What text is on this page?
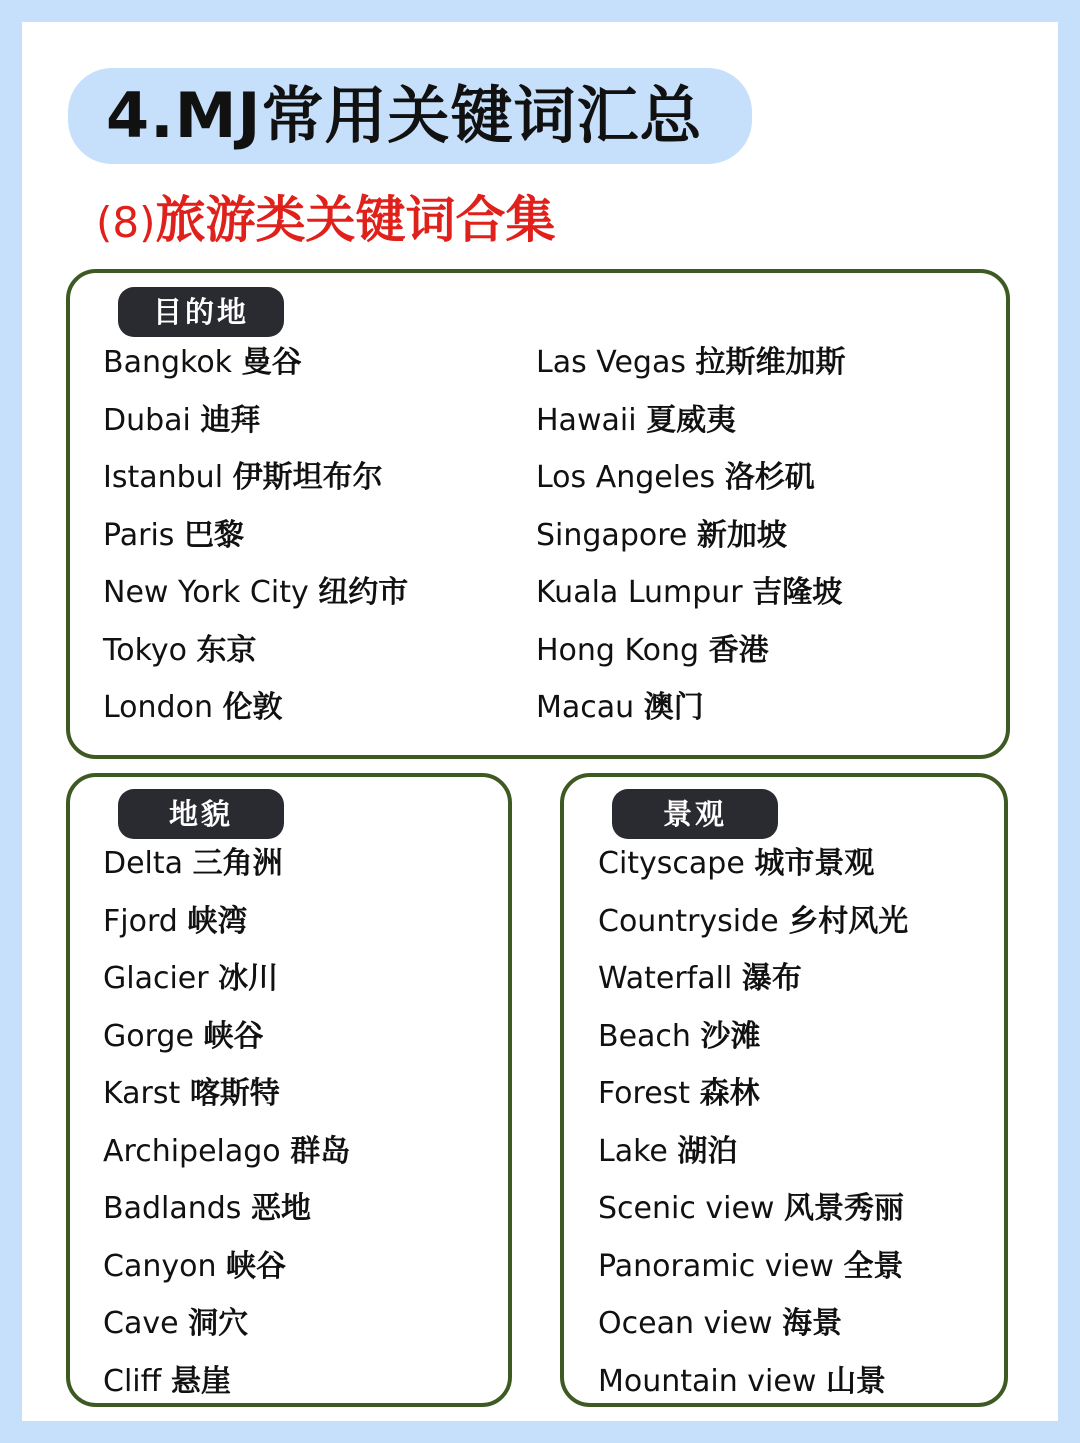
4.MJ常用关键词汇总
(8)旅游类关键词合集
目的地
Bangkok 曼谷
Dubai 迪拜
Istanbul 伊斯坦布尔
Paris 巴黎
New York City 纽约市
Tokyo 东京
London 伦敦
Las Vegas 拉斯维加斯
Hawaii 夏威夷
Los Angeles 洛杉矶
Singapore 新加坡
Kuala Lumpur 吉隆坡
Hong Kong 香港
Macau 澳门
地貌
Delta 三角洲
Fjord 峡湾
Glacier 冰川
Gorge 峡谷
Karst 喀斯特
Archipelago 群岛
Badlands 恶地
Canyon 峡谷
Cave 洞穴
Cliff 悬崖
景观
Cityscape 城市景观
Countryside 乡村风光
Waterfall 瀑布
Beach 沙滩
Forest 森林
Lake 湖泊
Scenic view 风景秀丽
Panoramic view 全景
Ocean view 海景
Mountain view 山景
